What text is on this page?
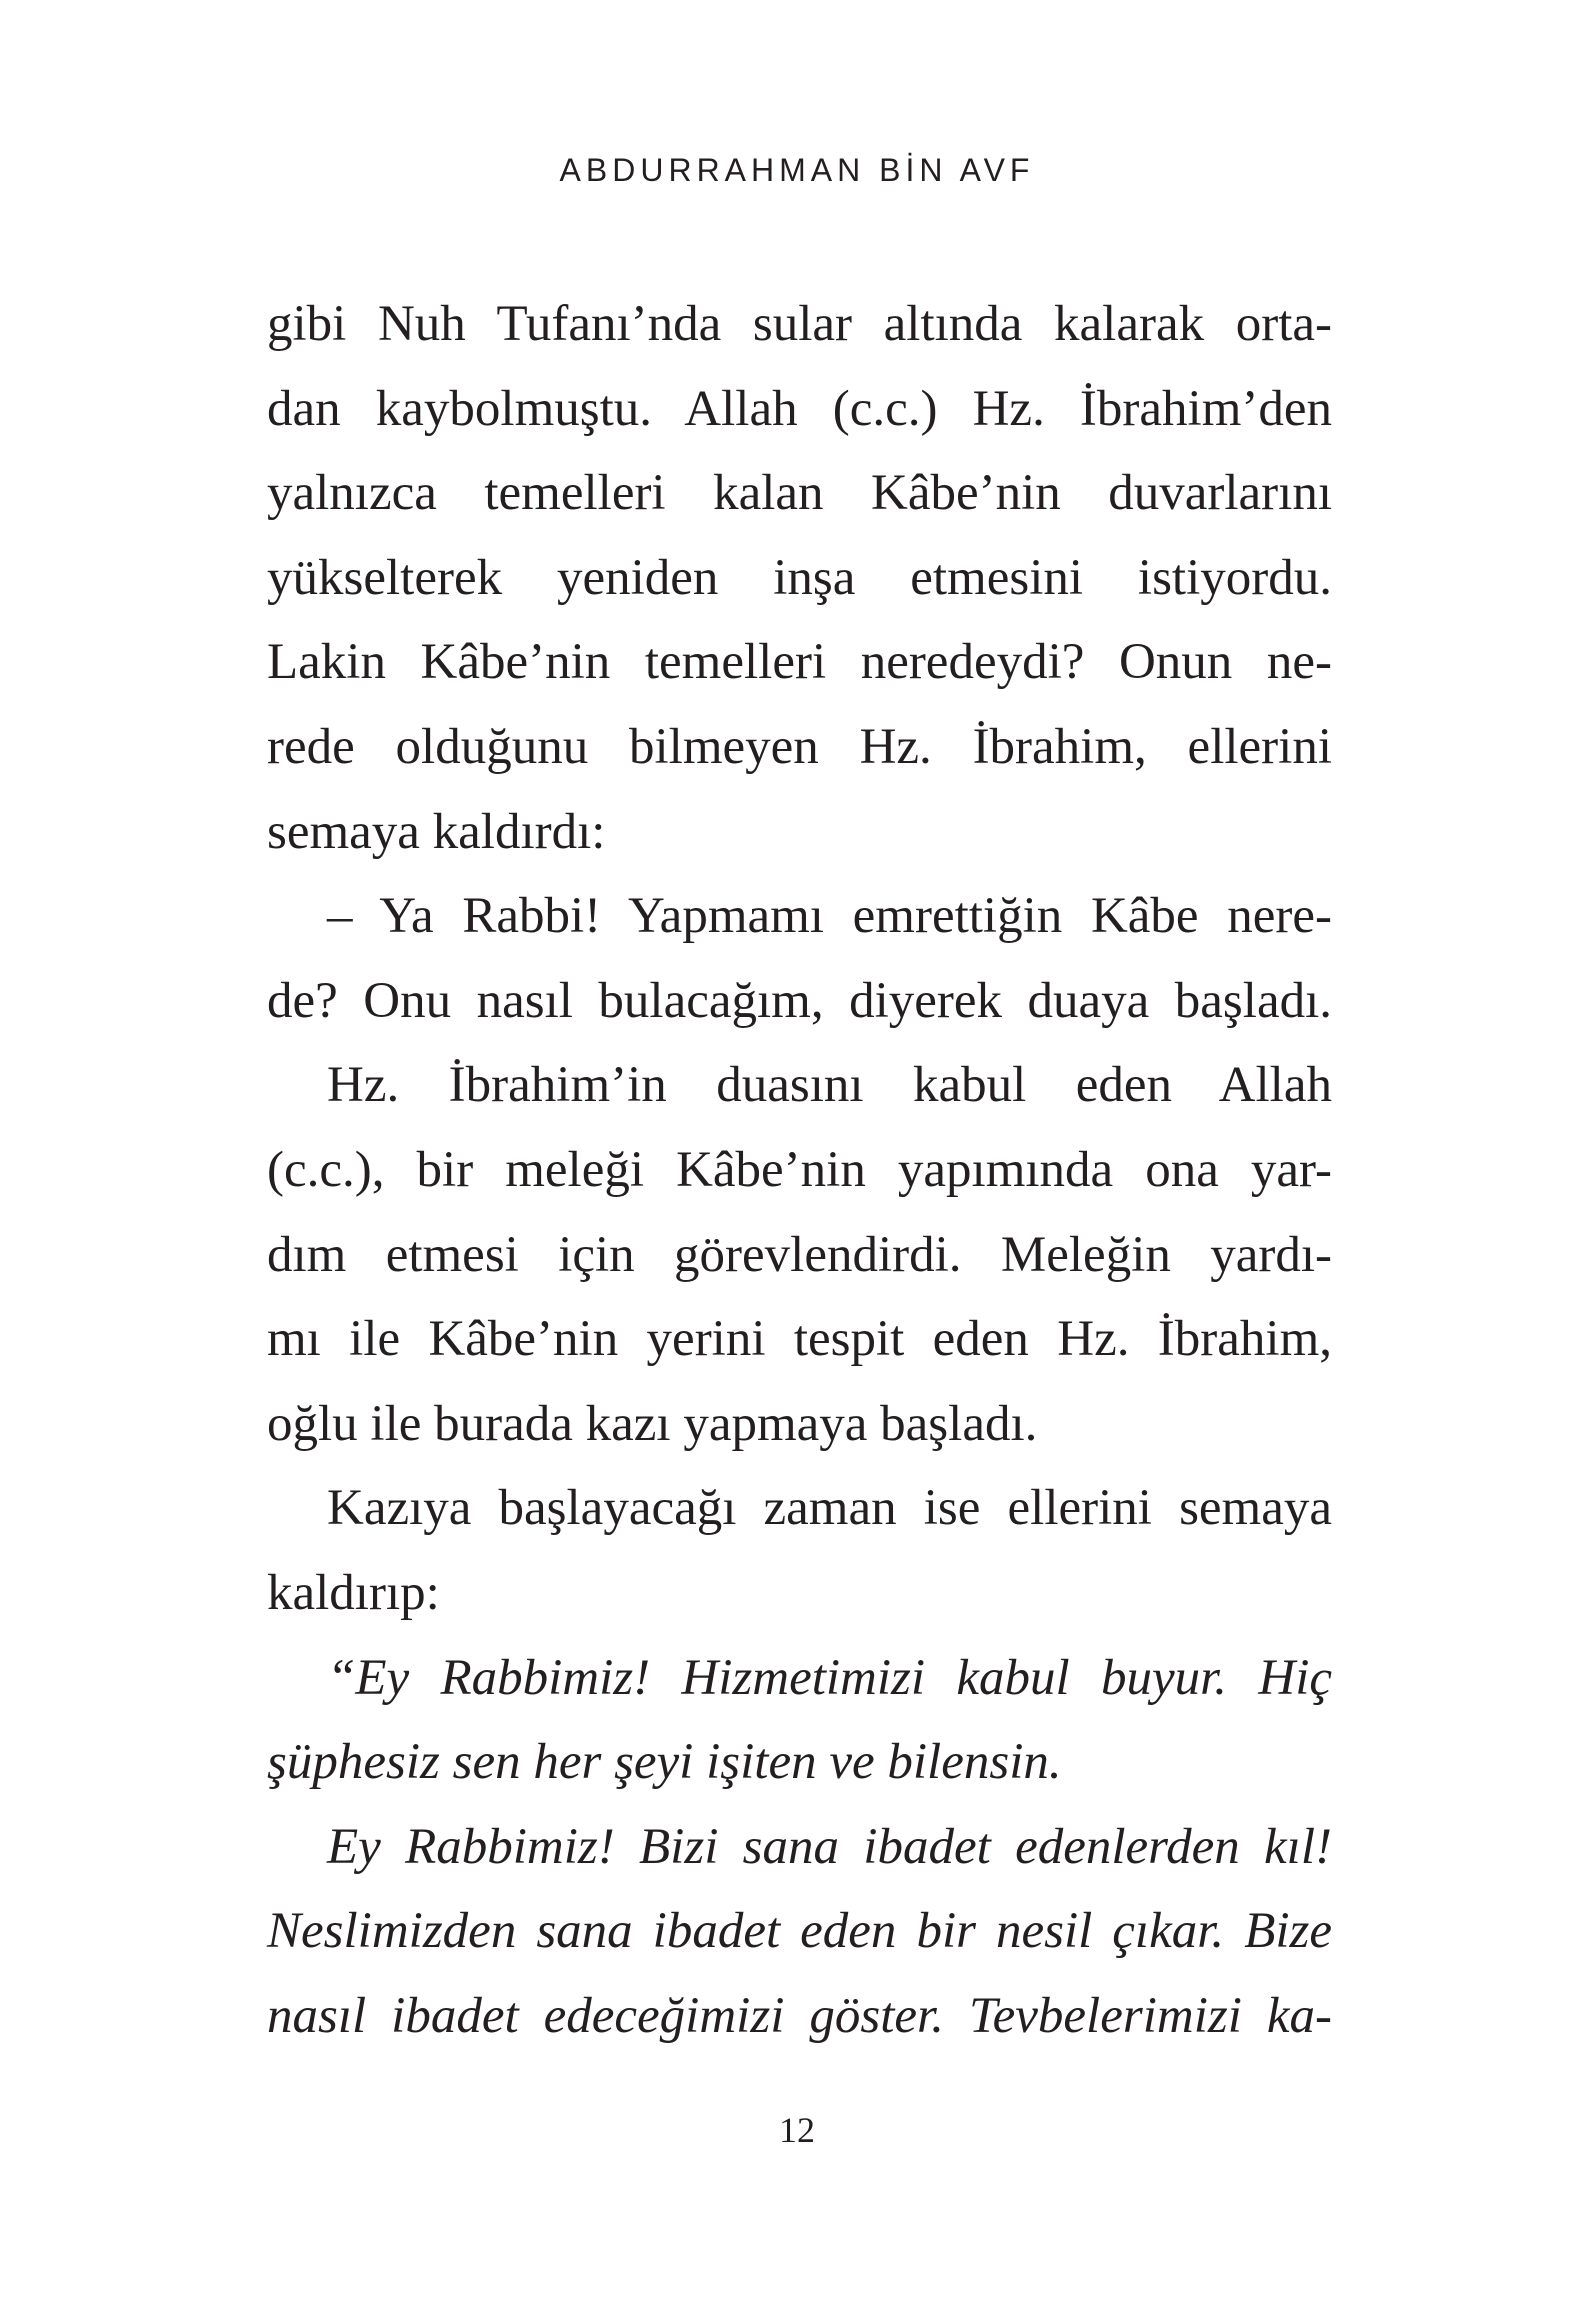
ABDURRAHMAN BİN AVF
gibi Nuh Tufanı’nda sular altında kalarak orta-
dan kaybolmuştu. Allah (c.c.) Hz. İbrahim’den
yalnızca temelleri kalan Kâbe’nin duvarlarını
yükselterek yeniden inşa etmesini istiyordu.
Lakin Kâbe’nin temelleri neredeydi? Onun ne-
rede olduğunu bilmeyen Hz. İbrahim, ellerini
semaya kaldırdı:
– Ya Rabbi! Yapmamı emrettiğin Kâbe nere-
de? Onu nasıl bulacağım, diyerek duaya başladı.
Hz. İbrahim’in duasını kabul eden Allah
(c.c.), bir meleği Kâbe’nin yapımında ona yar-
dım etmesi için görevlendirdi. Meleğin yardı-
mı ile Kâbe’nin yerini tespit eden Hz. İbrahim,
oğlu ile burada kazı yapmaya başladı.
Kazıya başlayacağı zaman ise ellerini semaya
kaldırıp:
“Ey Rabbimiz! Hizmetimizi kabul buyur. Hiç
şüphesiz sen her şeyi işiten ve bilensin.
Ey Rabbimiz! Bizi sana ibadet edenlerden kıl!
Neslimizden sana ibadet eden bir nesil çıkar. Bize
nasıl ibadet edeceğimizi göster. Tevbelerimizi ka-
12
